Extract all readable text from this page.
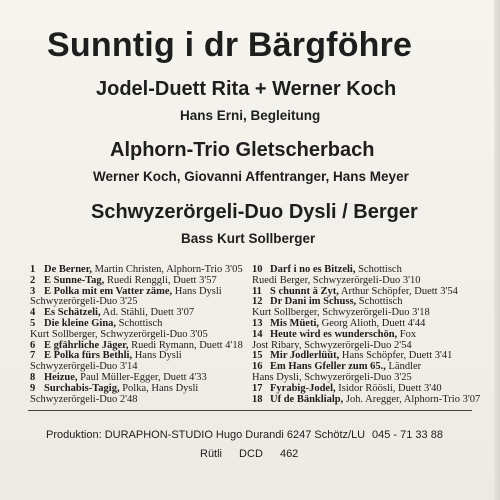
Sunntig i dr Bärgföhre
Jodel-Duett Rita + Werner Koch
Hans Erni, Begleitung
Alphorn-Trio Gletscherbach
Werner Koch, Giovanni Affentranger, Hans Meyer
Schwyzerörgeli-Duo Dysli / Berger
Bass Kurt Sollberger

1 De Berner, Martin Christen, Alphorn-Trio 3'05

2 E Sunne-Tag, Ruedi Renggli, Duett 3'57

3 E Polka mit em Vatter zäme, Hans Dysli
Schwyzerörgeli-Duo 3'25

4 Es Schätzeli, Ad. Stähli, Duett 3'07

5 Die kleine Gina, Schottisch
Kurt Sollberger, Schwyzerörgeli-Duo 3'05

6 E gfährliche Jäger, Ruedi Rymann, Duett 4'18

7 E Polka fürs Bethli, Hans Dysli
Schwyzerörgeli-Duo 3'14

8 Heizue, Paul Müller-Egger, Duett 4'33

9 Surchabis-Tagig, Polka, Hans Dysli
Schwyzerörgeli-Duo 2'48

10 Darf i no es Bitzeli, Schottisch
Ruedi Berger, Schwyzerörgeli-Duo 3'10

11 S chunnt ä Zyt, Arthur Schöpfer, Duett 3'54

12 Dr Dani im Schuss, Schottisch
Kurt Sollberger, Schwyzerörgeli-Duo 3'18

13 Mis Müeti, Georg Alioth, Duett 4'44

14 Heute wird es wunderschön, Fox
Jost Ribary, Schwyzerörgeli-Duo 2'54

15 Mir Jodlerlüüt, Hans Schöpfer, Duett 3'41

16 Em Hans Gfeller zum 65., Ländler
Hans Dysli, Schwyzerörgeli-Duo 3'25

17 Fyrabig-Jodel, Isidor Röösli, Duett 3'40

18 Uf de Bänklialp, Joh. Aregger, Alphorn-Trio 3'07

Produktion: DURAPHON-STUDIO Hugo Durandi 6247 Schötz/LU 045 - 71 33 88
Rütli DCD 462
